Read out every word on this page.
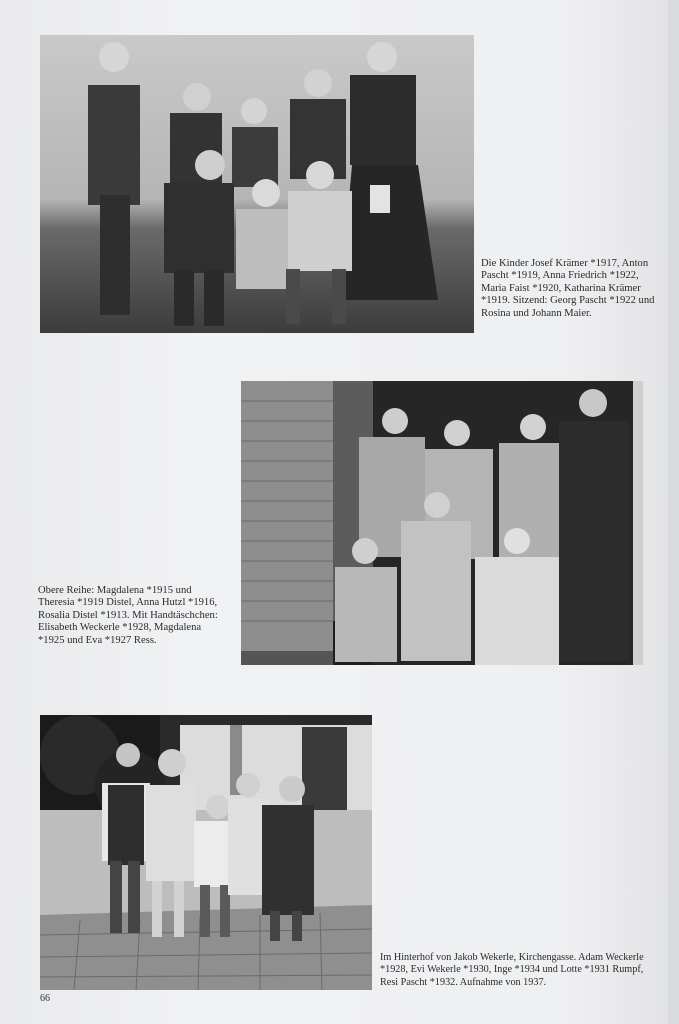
Die Kinder Josef Krämer *1917, Anton Pascht *1919, Anna Friedrich *1922, Maria Faist *1920, Katharina Krämer *1919. Sitzend: Georg Pascht *1922 und Rosina und Johann Maier.
Obere Reihe: Magdalena *1915 und Theresia *1919 Distel, Anna Hutzl *1916, Rosalia Distel *1913. Mit Handtäschchen: Elisabeth Weckerle *1928, Magdalena *1925 und Eva *1927 Ress.
Im Hinterhof von Jakob Wekerle, Kirchengasse. Adam Weckerle *1928, Evi Wekerle *1930, Inge *1934 und Lotte *1931 Rumpf, Resi Pascht *1932. Aufnahme von 1937.
66
